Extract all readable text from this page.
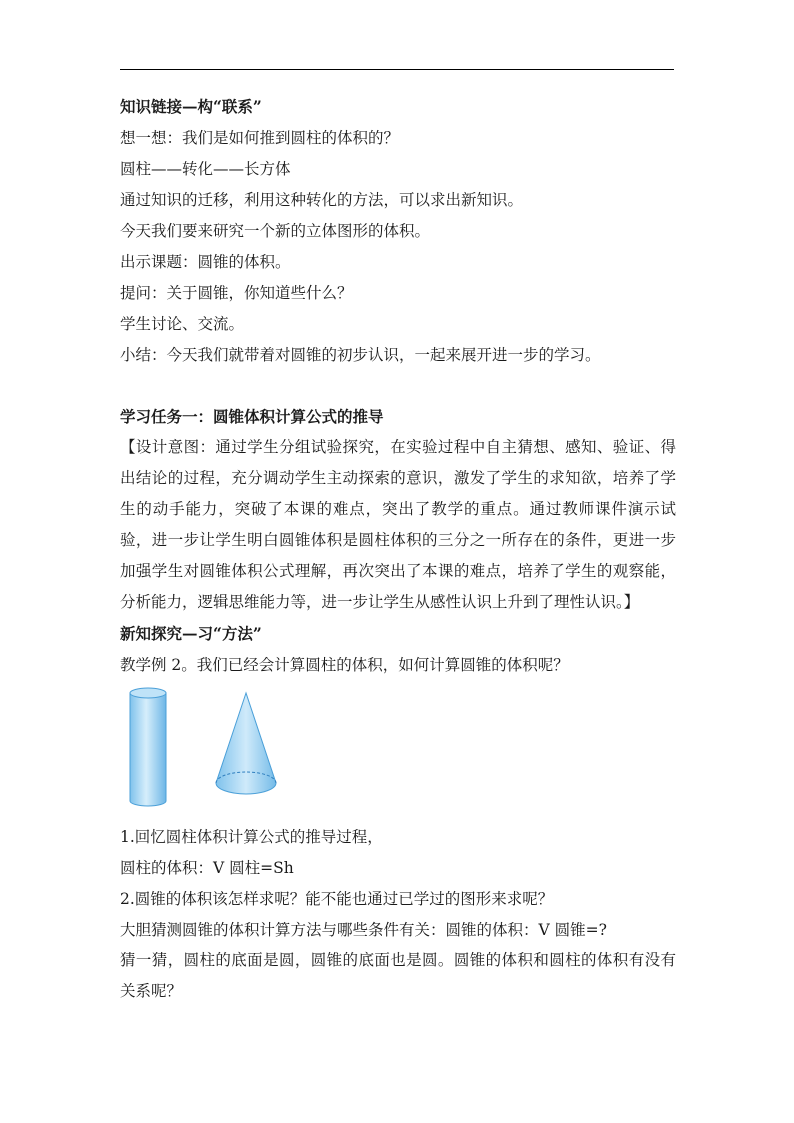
知识链接—构“联系”
想一想：我们是如何推到圆柱的体积的？
圆柱——转化——长方体
通过知识的迁移，利用这种转化的方法，可以求出新知识。
今天我们要来研究一个新的立体图形的体积。
出示课题：圆锥的体积。
提问：关于圆锥，你知道些什么？
学生讨论、交流。
小结：今天我们就带着对圆锥的初步认识，一起来展开进一步的学习。
学习任务一：圆锥体积计算公式的推导
【设计意图：通过学生分组试验探究，在实验过程中自主猜想、感知、验证、得出结论的过程，充分调动学生主动探索的意识，激发了学生的求知欲，培养了学生的动手能力，突破了本课的难点，突出了教学的重点。通过教师课件演示试验，进一步让学生明白圆锥体积是圆柱体积的三分之一所存在的条件，更进一步加强学生对圆锥体积公式理解，再次突出了本课的难点，培养了学生的观察能，分析能力，逻辑思维能力等，进一步让学生从感性认识上升到了理性认识。】
新知探究—习“方法”
教学例 2。我们已经会计算圆柱的体积，如何计算圆锥的体积呢？
1.回忆圆柱体积计算公式的推导过程，
圆柱的体积：V 圆柱=Sh
2.圆锥的体积该怎样求呢？能不能也通过已学过的图形来求呢？
大胆猜测圆锥的体积计算方法与哪些条件有关：圆锥的体积：V 圆锥=?
猜一猜，圆柱的底面是圆，圆锥的底面也是圆。圆锥的体积和圆柱的体积有没有关系呢？
